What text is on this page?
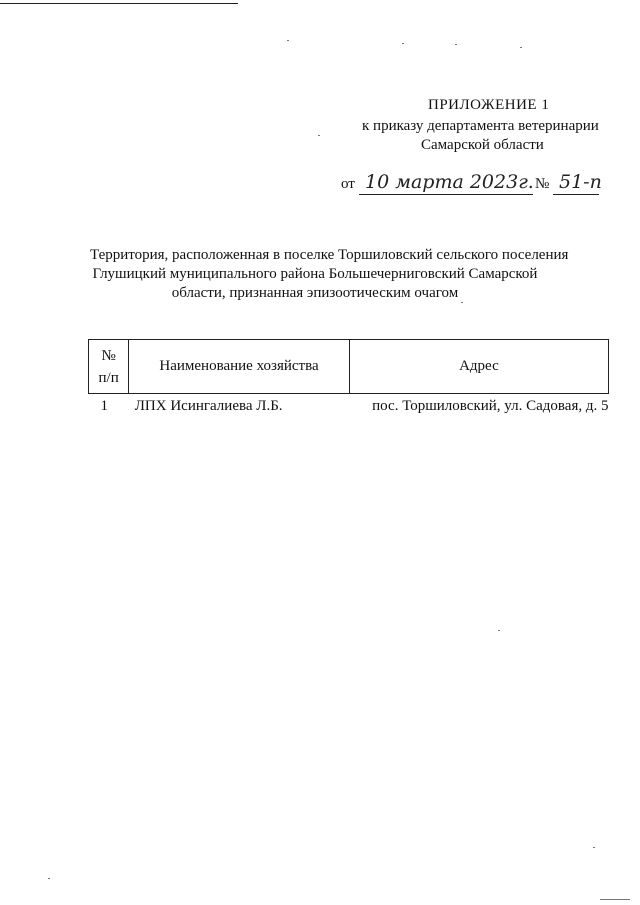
ПРИЛОЖЕНИЕ 1
к приказу департамента ветеринарии
Самарской области
от 10 марта 2023г. № 51-п
Территория, расположенная в поселке Торшиловский сельского поселения
Глушицкий муниципального района Большечерниговский Самарской
области, признанная эпизоотическим очагом
№
п/п	Наименование хозяйства	Адрес
1	ЛПХ Исингалиева Л.Б.	пос. Торшиловский, ул. Садовая, д. 5
